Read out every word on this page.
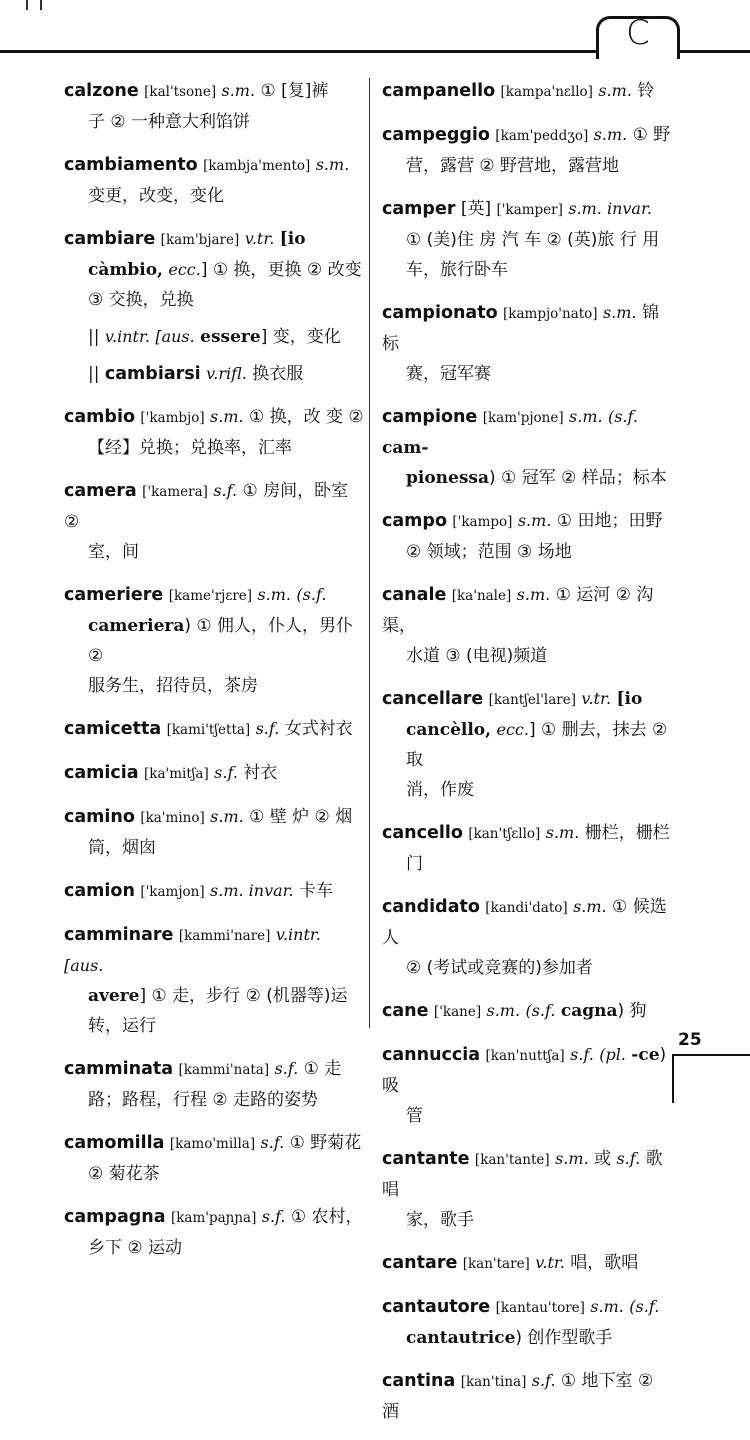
C
calzone [kal'tsone] s.m. ① [复]裤
子 ② 一种意大利馅饼
cambiamento [kambja'mento] s.m.
变更，改变，变化
cambiare [kam'bjare] v.tr. [io
càmbio, ecc.] ① 换，更换 ② 改变
③ 交换，兑换
|| v.intr. [aus. essere] 变，变化
|| cambiarsi v.rifl. 换衣服
cambio ['kambjo] s.m. ① 换，改 变 ②
【经】兑换；兑换率，汇率
camera ['kamera] s.f. ① 房间，卧室 ②
室，间
cameriere [kame'rjɛre] s.m. (s.f.
cameriera) ① 佣人，仆人，男仆 ②
服务生，招待员，茶房
camicetta [kami'tʃetta] s.f. 女式衬衣
camicia [ka'mitʃa] s.f. 衬衣
camino [ka'mino] s.m. ① 壁 炉 ② 烟
筒，烟囱
camion ['kamjon] s.m. invar. 卡车
camminare [kammi'nare] v.intr. [aus.
avere] ① 走，步行 ② (机器等)运
转，运行
camminata [kammi'nata] s.f. ① 走
路；路程，行程 ② 走路的姿势
camomilla [kamo'milla] s.f. ① 野菊花
② 菊花茶
campagna [kam'paɲɲa] s.f. ① 农村，
乡下 ② 运动
campanello [kampa'nɛllo] s.m. 铃
campeggio [kam'peddʒo] s.m. ① 野
营，露营 ② 野营地，露营地
camper [英] ['kamper] s.m. invar.
① (美)住 房 汽 车 ② (英)旅 行 用
车，旅行卧车
campionato [kampjo'nato] s.m. 锦标
赛，冠军赛
campione [kam'pjone] s.m. (s.f. cam-
pionessa) ① 冠军 ② 样品；标本
campo ['kampo] s.m. ① 田地；田野
② 领域；范围 ③ 场地
canale [ka'nale] s.m. ① 运河 ② 沟渠，
水道 ③ (电视)频道
cancellare [kantʃel'lare] v.tr. [io
cancèllo, ecc.] ① 删去，抹去 ② 取
消，作废
cancello [kan'tʃɛllo] s.m. 栅栏，栅栏
门
candidato [kandi'dato] s.m. ① 候选人
② (考试或竞赛的)参加者
cane ['kane] s.m. (s.f. cagna) 狗
cannuccia [kan'nuttʃa] s.f. (pl. -ce) 吸
管
cantante [kan'tante] s.m. 或 s.f. 歌唱
家，歌手
cantare [kan'tare] v.tr. 唱，歌唱
cantautore [kantau'tore] s.m. (s.f.
cantautrice) 创作型歌手
cantina [kan'tina] s.f. ① 地下室 ② 酒
25
